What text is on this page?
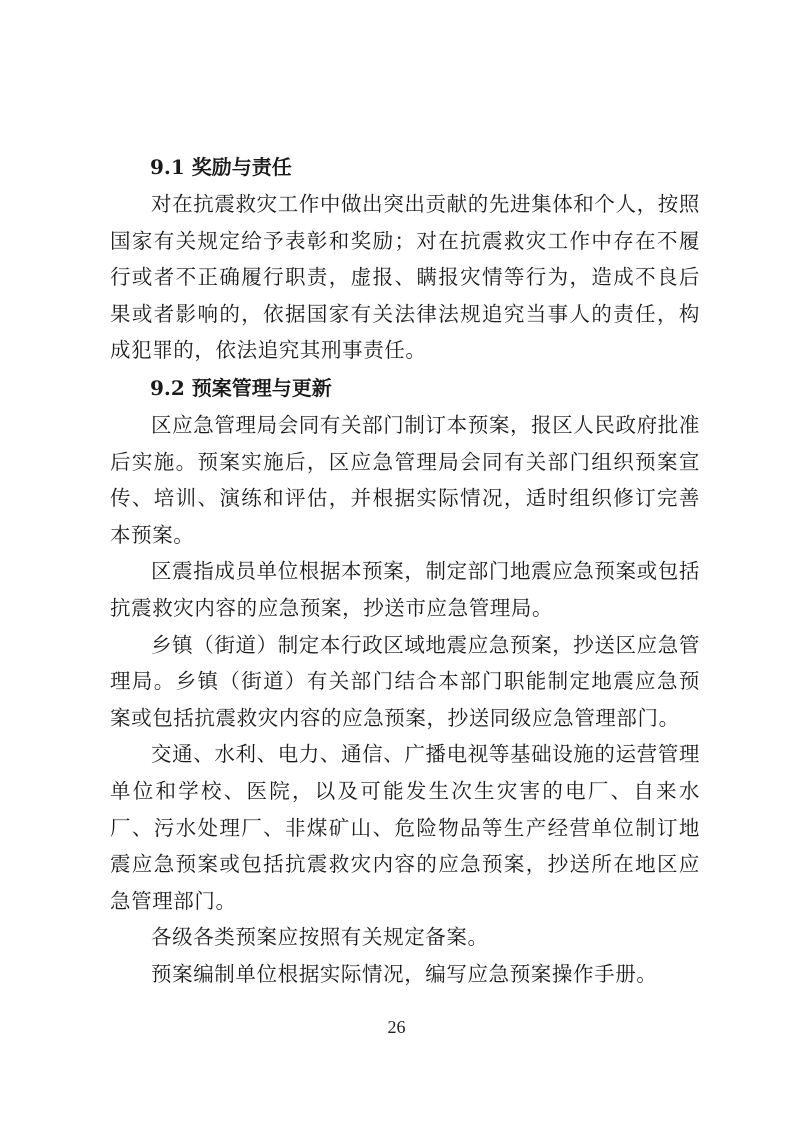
9.1 奖励与责任

对在抗震救灾工作中做出突出贡献的先进集体和个人，按照国家有关规定给予表彰和奖励；对在抗震救灾工作中存在不履行或者不正确履行职责，虚报、瞒报灾情等行为，造成不良后果或者影响的，依据国家有关法律法规追究当事人的责任，构成犯罪的，依法追究其刑事责任。

9.2 预案管理与更新

区应急管理局会同有关部门制订本预案，报区人民政府批准后实施。预案实施后，区应急管理局会同有关部门组织预案宣传、培训、演练和评估，并根据实际情况，适时组织修订完善本预案。

区震指成员单位根据本预案，制定部门地震应急预案或包括抗震救灾内容的应急预案，抄送市应急管理局。

乡镇（街道）制定本行政区域地震应急预案，抄送区应急管理局。乡镇（街道）有关部门结合本部门职能制定地震应急预案或包括抗震救灾内容的应急预案，抄送同级应急管理部门。

交通、水利、电力、通信、广播电视等基础设施的运营管理单位和学校、医院，以及可能发生次生灾害的电厂、自来水厂、污水处理厂、非煤矿山、危险物品等生产经营单位制订地震应急预案或包括抗震救灾内容的应急预案，抄送所在地区应急管理部门。

各级各类预案应按照有关规定备案。

预案编制单位根据实际情况，编写应急预案操作手册。

26
